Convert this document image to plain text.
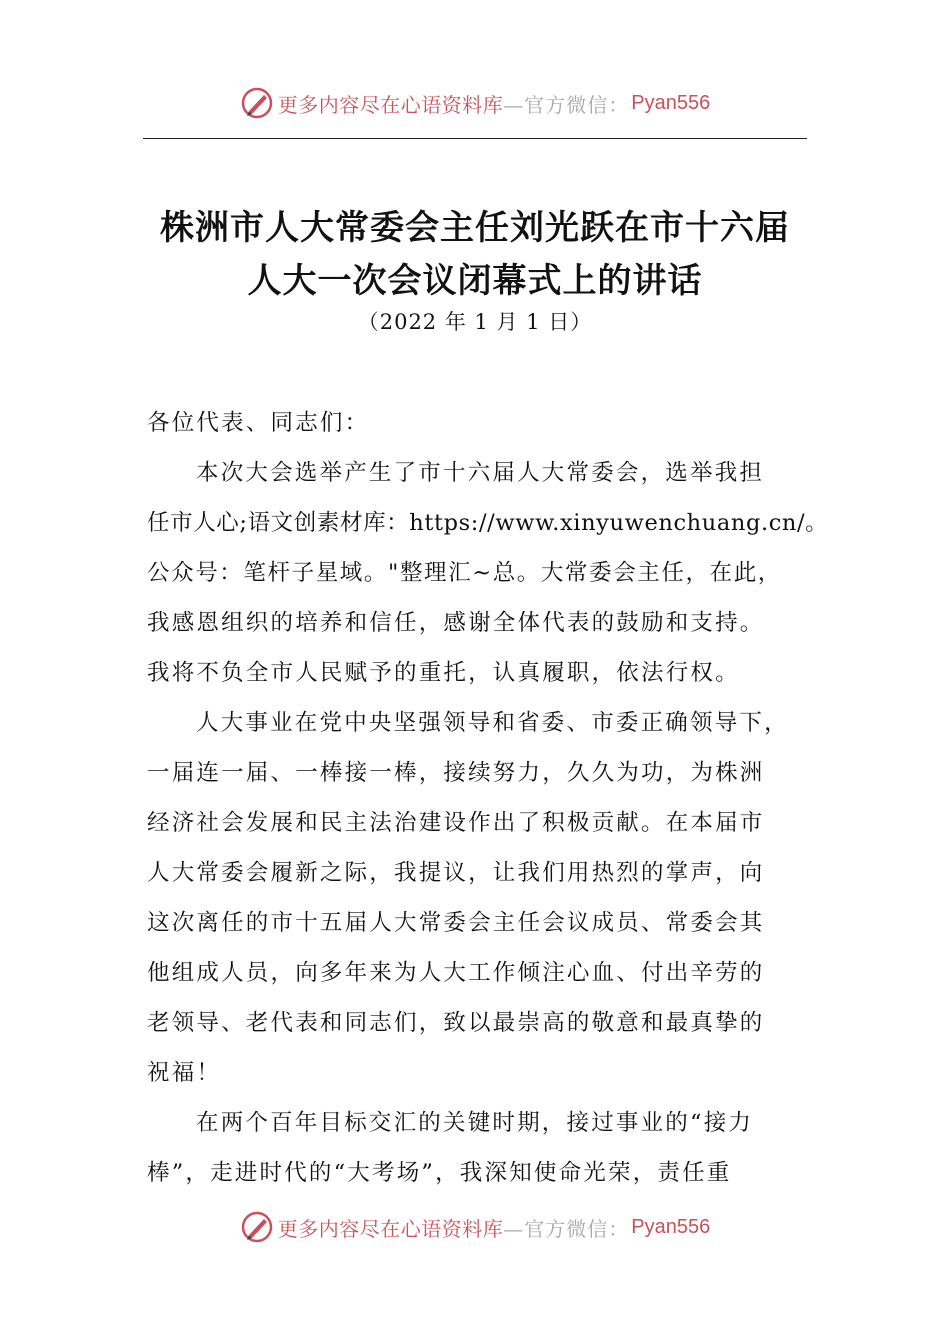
更多内容尽在心语资料库 —官方微信： Pyan556
株洲市人大常委会主任刘光跃在市十六届
人大一次会议闭幕式上的讲话
（2022 年 1 月 1 日）
各位代表、同志们：
本次大会选举产生了市十六届人大常委会，选举我担
任市人心;语文创素材库：https://www.xinyuwenchuang.cn/。
公众号：笔杆子星域。"整理汇~总。大常委会主任，在此，
我感恩组织的培养和信任，感谢全体代表的鼓励和支持。
我将不负全市人民赋予的重托，认真履职，依法行权。
人大事业在党中央坚强领导和省委、市委正确领导下，
一届连一届、一棒接一棒，接续努力，久久为功，为株洲
经济社会发展和民主法治建设作出了积极贡献。在本届市
人大常委会履新之际，我提议，让我们用热烈的掌声，向
这次离任的市十五届人大常委会主任会议成员、常委会其
他组成人员，向多年来为人大工作倾注心血、付出辛劳的
老领导、老代表和同志们，致以最崇高的敬意和最真挚的
祝福！
在两个百年目标交汇的关键时期，接过事业的“接力
棒”，走进时代的“大考场”，我深知使命光荣，责任重
更多内容尽在心语资料库 —官方微信： Pyan556
